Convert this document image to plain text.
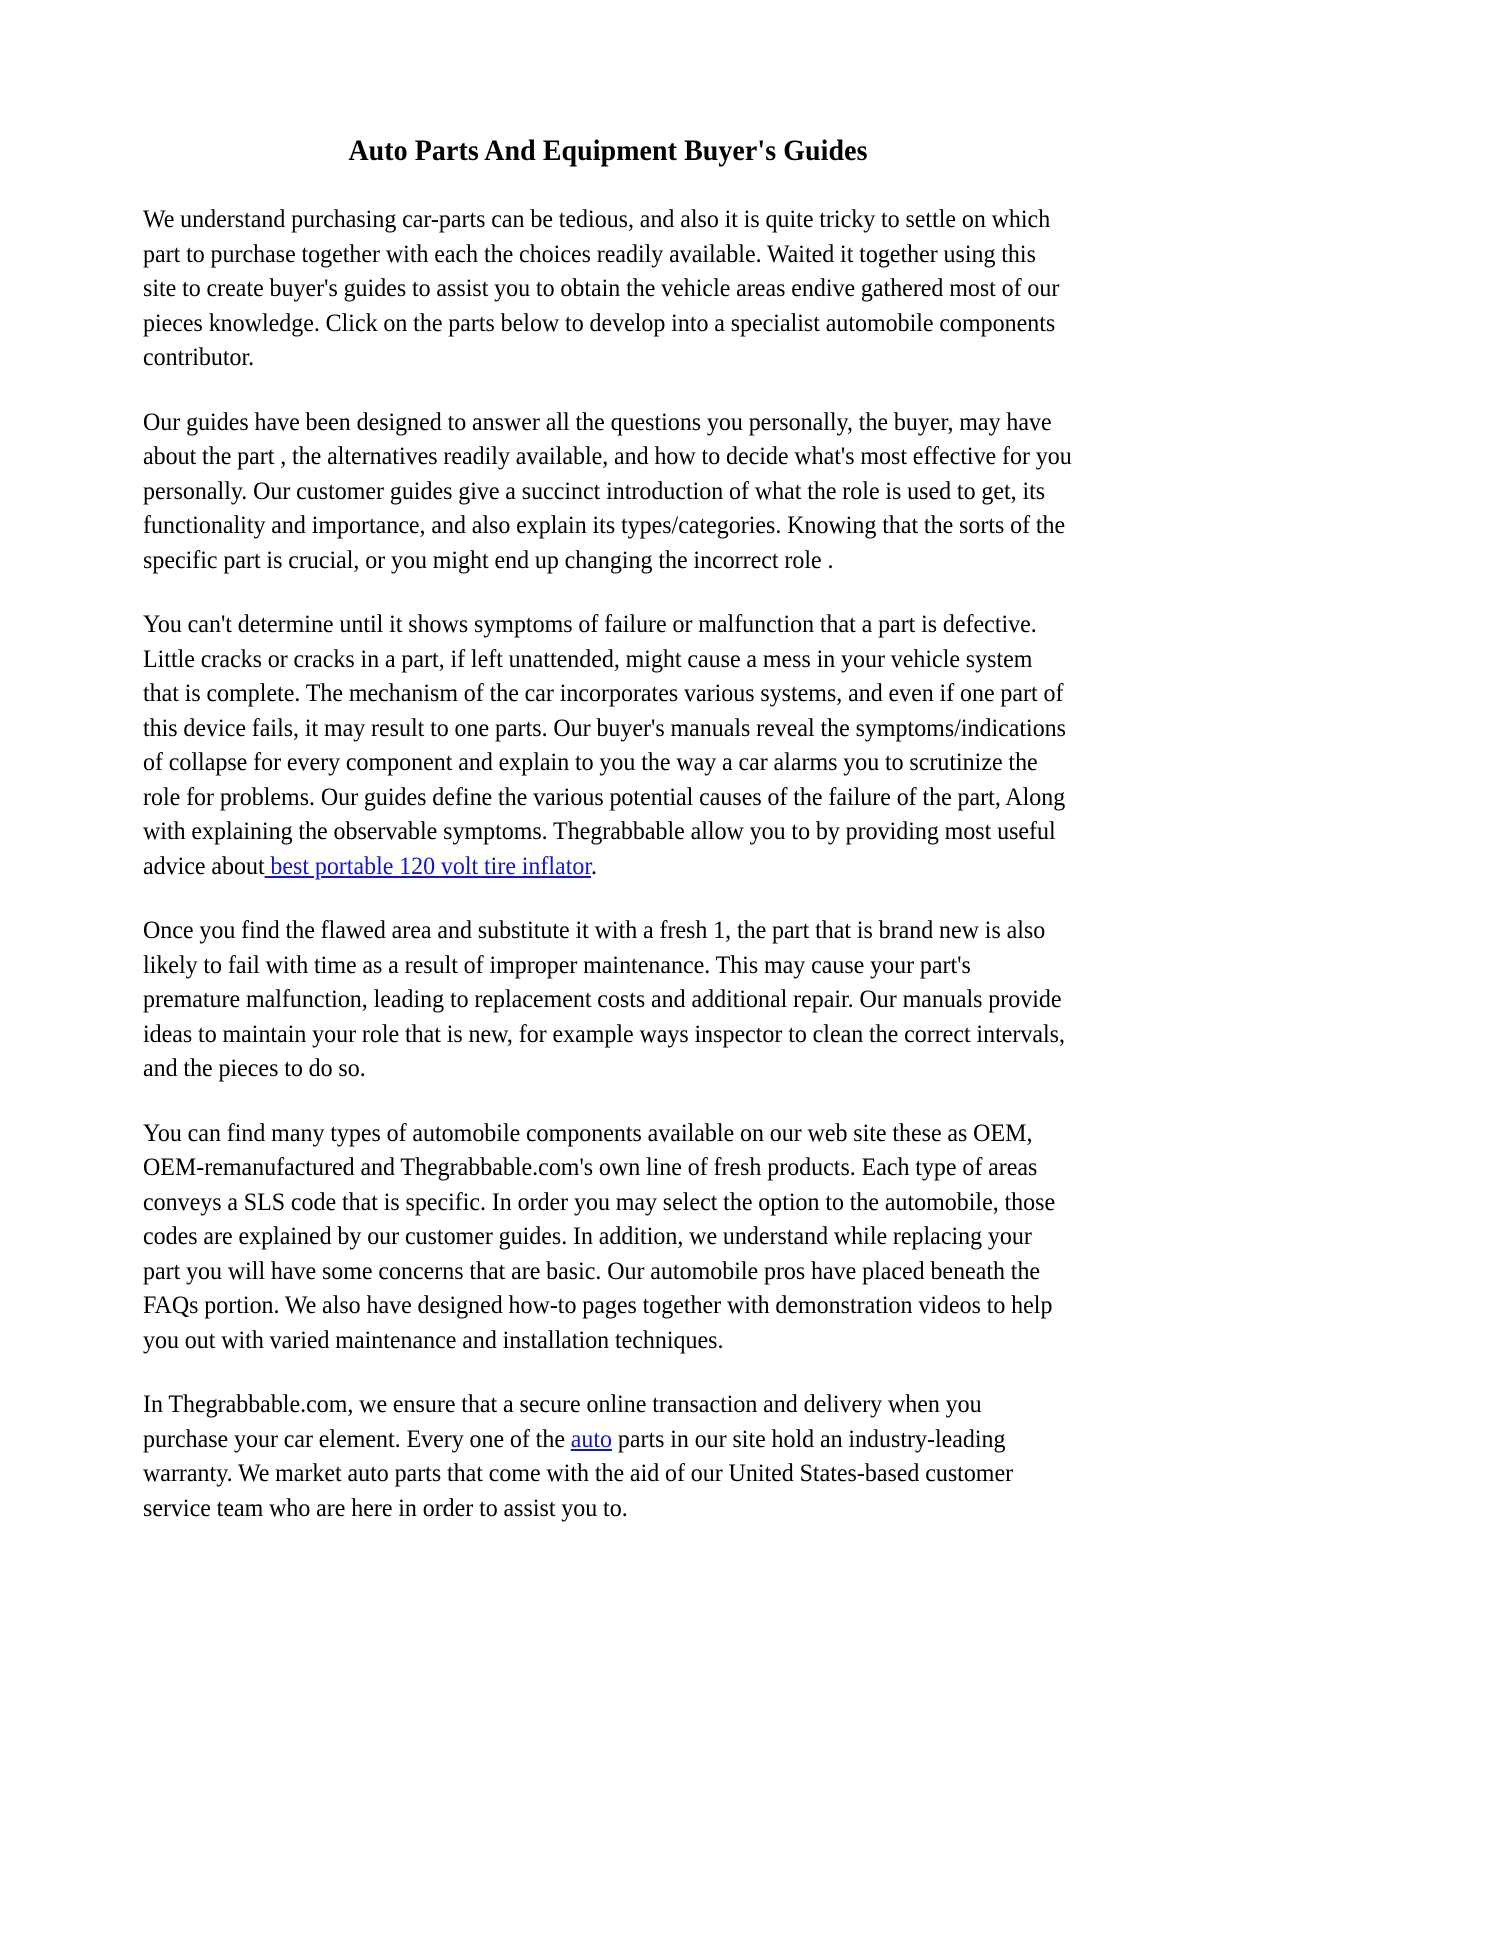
Auto Parts And Equipment Buyer's Guides

We understand purchasing car-parts can be tedious, and also it is quite tricky to settle on which part to purchase together with each the choices readily available. Waited it together using this site to create buyer's guides to assist you to obtain the vehicle areas endive gathered most of our pieces knowledge. Click on the parts below to develop into a specialist automobile components contributor.

Our guides have been designed to answer all the questions you personally, the buyer, may have about the part , the alternatives readily available, and how to decide what's most effective for you personally. Our customer guides give a succinct introduction of what the role is used to get, its functionality and importance, and also explain its types/categories. Knowing that the sorts of the specific part is crucial, or you might end up changing the incorrect role .

You can't determine until it shows symptoms of failure or malfunction that a part is defective. Little cracks or cracks in a part, if left unattended, might cause a mess in your vehicle system that is complete. The mechanism of the car incorporates various systems, and even if one part of this device fails, it may result to one parts. Our buyer's manuals reveal the symptoms/indications of collapse for every component and explain to you the way a car alarms you to scrutinize the role for problems. Our guides define the various potential causes of the failure of the part, Along with explaining the observable symptoms. Thegrabbable allow you to by providing most useful advice about best portable 120 volt tire inflator.

Once you find the flawed area and substitute it with a fresh 1, the part that is brand new is also likely to fail with time as a result of improper maintenance. This may cause your part's premature malfunction, leading to replacement costs and additional repair. Our manuals provide ideas to maintain your role that is new, for example ways inspector to clean the correct intervals, and the pieces to do so.

You can find many types of automobile components available on our web site these as OEM, OEM-remanufactured and Thegrabbable.com's own line of fresh products. Each type of areas conveys a SLS code that is specific. In order you may select the option to the automobile, those codes are explained by our customer guides. In addition, we understand while replacing your part you will have some concerns that are basic. Our automobile pros have placed beneath the FAQs portion. We also have designed how-to pages together with demonstration videos to help you out with varied maintenance and installation techniques.

In Thegrabbable.com, we ensure that a secure online transaction and delivery when you purchase your car element. Every one of the auto parts in our site hold an industry-leading warranty. We market auto parts that come with the aid of our United States-based customer service team who are here in order to assist you to.
